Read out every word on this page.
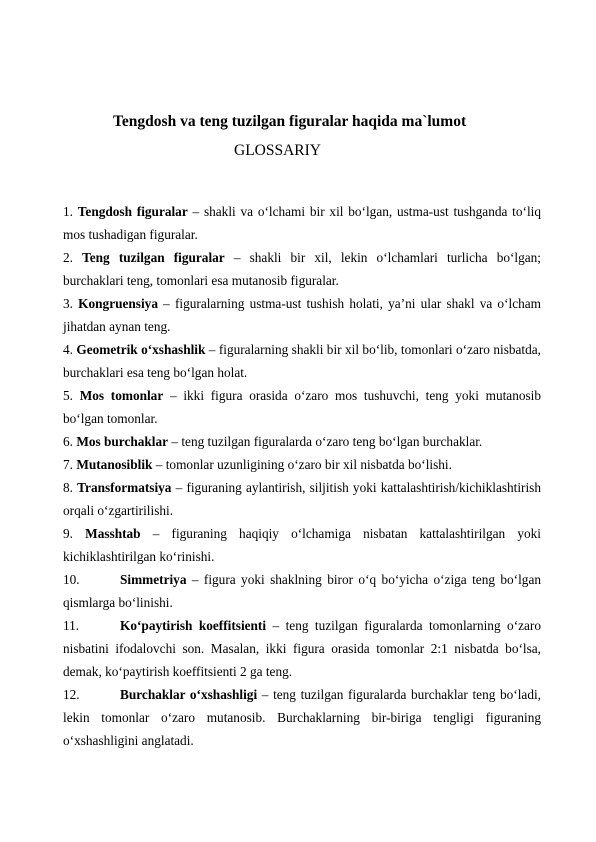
Tengdosh va teng tuzilgan figuralar haqida ma`lumot
GLOSSARIY

1. Tengdosh figuralar – shakli va o‘lchami bir xil bo‘lgan, ustma-ust tushganda to‘liq mos tushadigan figuralar.

2. Teng tuzilgan figuralar – shakli bir xil, lekin o‘lchamlari turlicha bo‘lgan; burchaklari teng, tomonlari esa mutanosib figuralar.

3. Kongruensiya – figuralarning ustma-ust tushish holati, ya’ni ular shakl va o‘lcham jihatdan aynan teng.

4. Geometrik o‘xshashlik – figuralarning shakli bir xil bo‘lib, tomonlari o‘zaro nisbatda, burchaklari esa teng bo‘lgan holat.

5. Mos tomonlar – ikki figura orasida o‘zaro mos tushuvchi, teng yoki mutanosib bo‘lgan tomonlar.

6. Mos burchaklar – teng tuzilgan figuralarda o‘zaro teng bo‘lgan burchaklar.

7. Mutanosiblik – tomonlar uzunligining o‘zaro bir xil nisbatda bo‘lishi.

8. Transformatsiya – figuraning aylantirish, siljitish yoki kattalashtirish/kichiklashtirish orqali o‘zgartirilishi.

9. Masshtab – figuraning haqiqiy o‘lchamiga nisbatan kattalashtirilgan yoki kichiklashtirilgan ko‘rinishi.

10.	Simmetriya – figura yoki shaklning biror o‘q bo‘yicha o‘ziga teng bo‘lgan qismlarga bo‘linishi.

11.	Ko‘paytirish koeffitsienti – teng tuzilgan figuralarda tomonlarning o‘zaro nisbatini ifodalovchi son. Masalan, ikki figura orasida tomonlar 2:1 nisbatda bo‘lsa, demak, ko‘paytirish koeffitsienti 2 ga teng.

12.	Burchaklar o‘xshashligi – teng tuzilgan figuralarda burchaklar teng bo‘ladi, lekin tomonlar o‘zaro mutanosib. Burchaklarning bir-biriga tengligi figuraning o‘xshashligini anglatadi.
